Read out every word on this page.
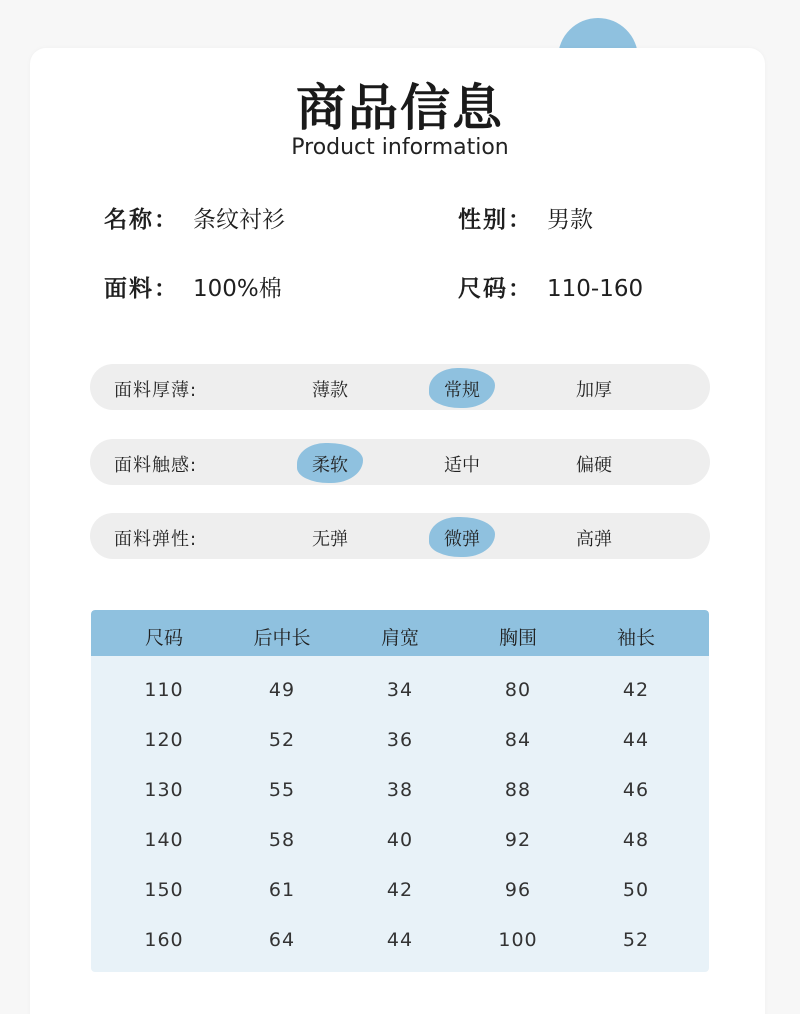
商品信息
Product information
名称： 条纹衬衫	性别： 男款
面料： 100%棉	尺码： 110-160
面料厚薄:	薄款	常规	加厚
面料触感:	柔软	适中	偏硬
面料弹性:	无弹	微弹	高弹
尺码	后中长	肩宽	胸围	袖长
110	49	34	80	42
120	52	36	84	44
130	55	38	88	46
140	58	40	92	48
150	61	42	96	50
160	64	44	100	52
